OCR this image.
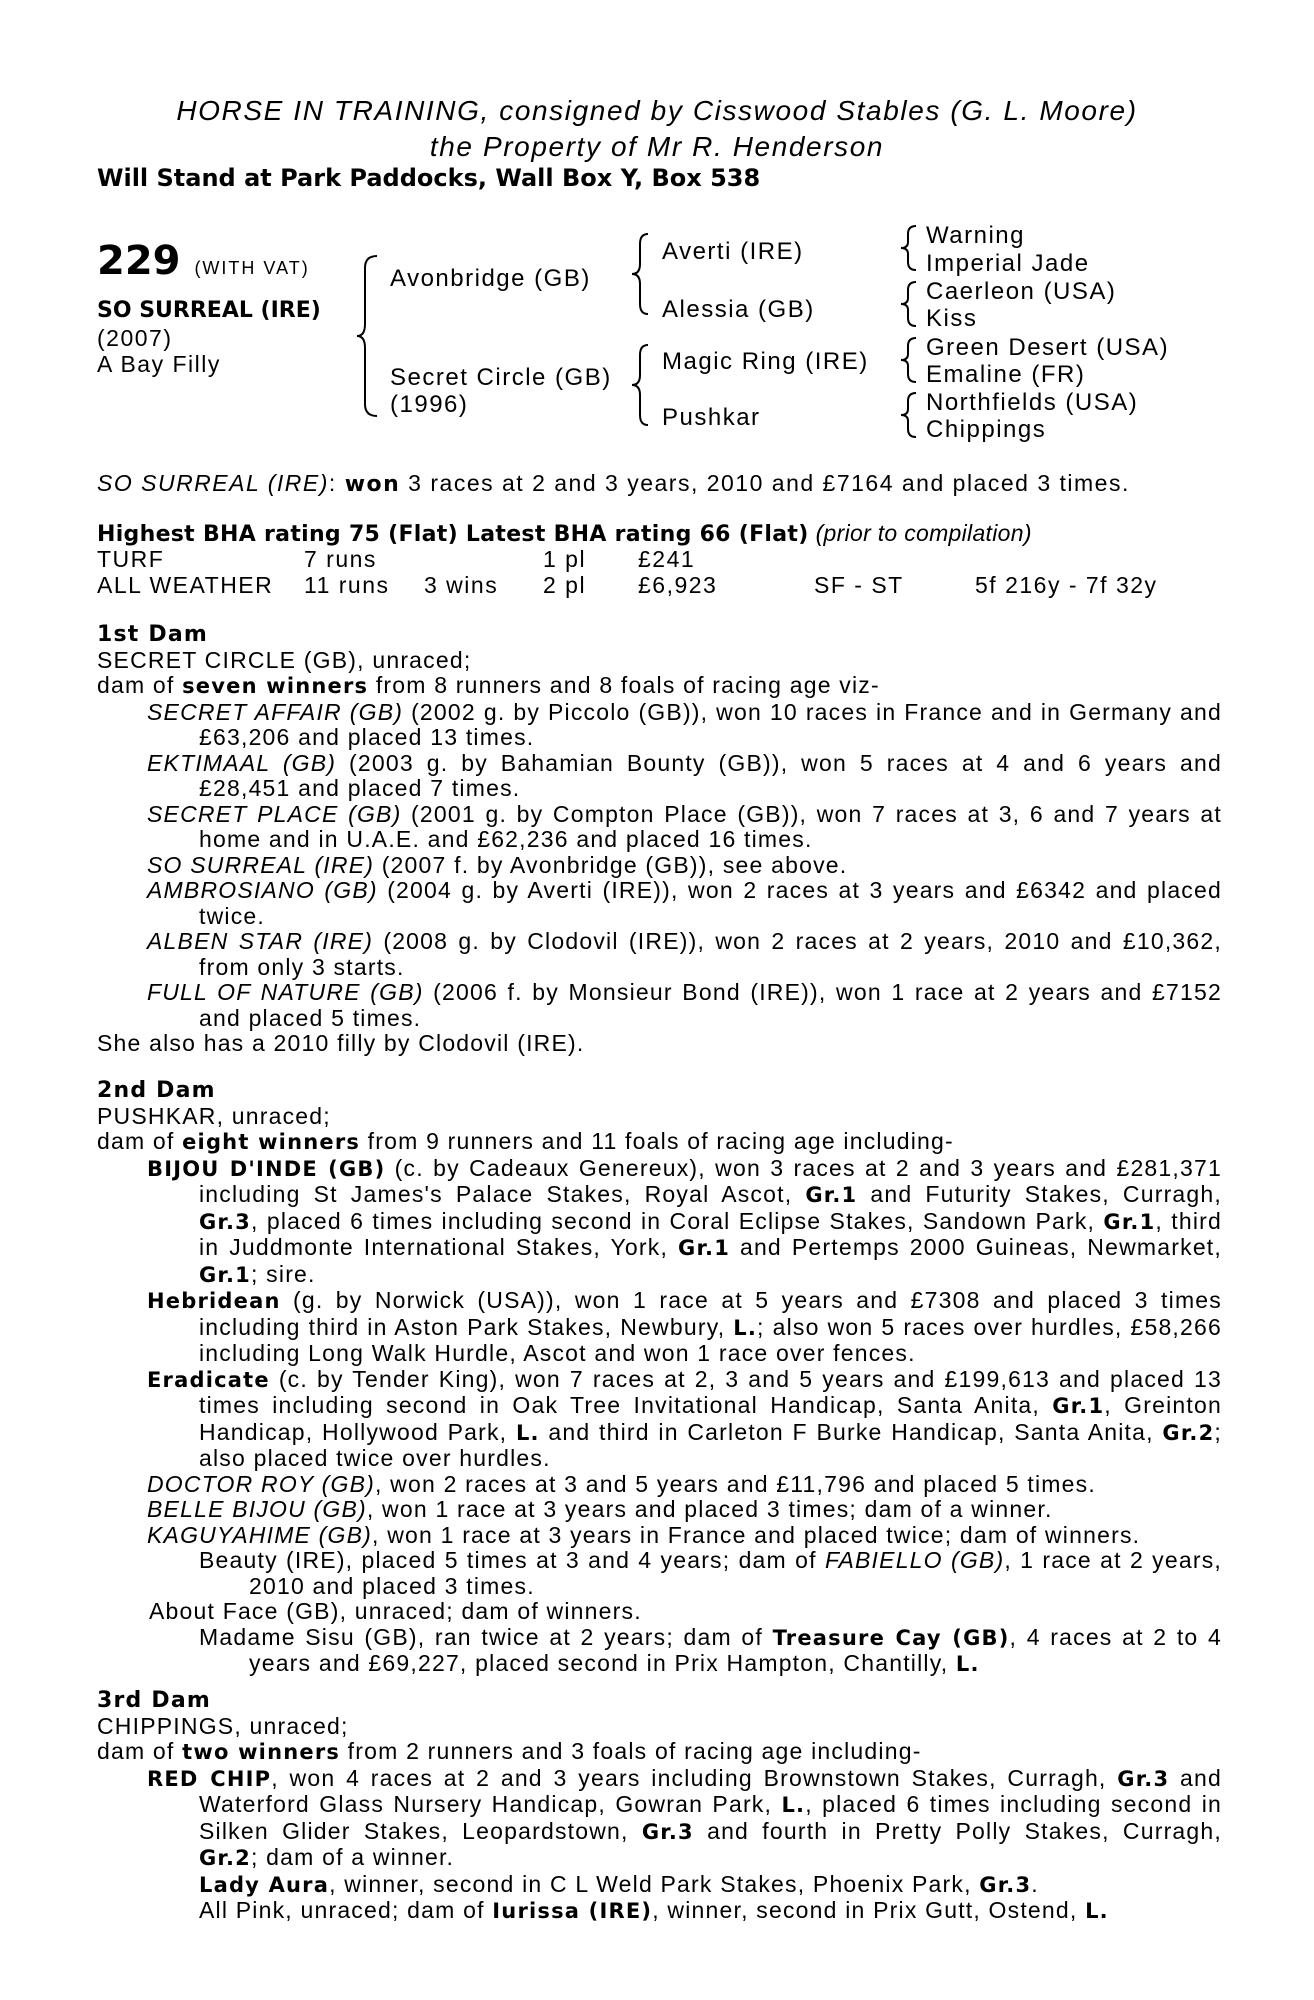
HORSE IN TRAINING, consigned by Cisswood Stables (G. L. Moore)
the Property of Mr R. Henderson
Will Stand at Park Paddocks, Wall Box Y, Box 538
229 (WITH VAT)
SO SURREAL (IRE)
(2007)
A Bay Filly
Avonbridge (GB)
Secret Circle (GB)
(1996)
Averti (IRE)
Alessia (GB)
Magic Ring (IRE)
Pushkar
Warning
Imperial Jade
Caerleon (USA)
Kiss
Green Desert (USA)
Emaline (FR)
Northfields (USA)
Chippings
SO SURREAL (IRE): won 3 races at 2 and 3 years, 2010 and £7164 and placed 3 times.
Highest BHA rating 75 (Flat) Latest BHA rating 66 (Flat) (prior to compilation)
TURF	7 runs	1 pl £241
ALL WEATHER 11 runs 3 wins 2 pl £6,923	SF - ST	5f 216y - 7f 32y

1st Dam

SECRET CIRCLE (GB), unraced;

dam of seven winners from 8 runners and 8 foals of racing age viz-

SECRET AFFAIR (GB) (2002 g. by Piccolo (GB)), won 10 races in France and in Germany and £63,206 and placed 13 times.

EKTIMAAL (GB) (2003 g. by Bahamian Bounty (GB)), won 5 races at 4 and 6 years and £28,451 and placed 7 times.

SECRET PLACE (GB) (2001 g. by Compton Place (GB)), won 7 races at 3, 6 and 7 years at home and in U.A.E. and £62,236 and placed 16 times.

SO SURREAL (IRE) (2007 f. by Avonbridge (GB)), see above.

AMBROSIANO (GB) (2004 g. by Averti (IRE)), won 2 races at 3 years and £6342 and placed twice.

ALBEN STAR (IRE) (2008 g. by Clodovil (IRE)), won 2 races at 2 years, 2010 and £10,362, from only 3 starts.

FULL OF NATURE (GB) (2006 f. by Monsieur Bond (IRE)), won 1 race at 2 years and £7152 and placed 5 times.

She also has a 2010 filly by Clodovil (IRE).

2nd Dam

PUSHKAR, unraced;

dam of eight winners from 9 runners and 11 foals of racing age including-

BIJOU D'INDE (GB) (c. by Cadeaux Genereux), won 3 races at 2 and 3 years and £281,371 including St James's Palace Stakes, Royal Ascot, Gr.1 and Futurity Stakes, Curragh, Gr.3, placed 6 times including second in Coral Eclipse Stakes, Sandown Park, Gr.1, third in Juddmonte International Stakes, York, Gr.1 and Pertemps 2000 Guineas, Newmarket, Gr.1; sire.

Hebridean (g. by Norwick (USA)), won 1 race at 5 years and £7308 and placed 3 times including third in Aston Park Stakes, Newbury, L.; also won 5 races over hurdles, £58,266 including Long Walk Hurdle, Ascot and won 1 race over fences.

Eradicate (c. by Tender King), won 7 races at 2, 3 and 5 years and £199,613 and placed 13 times including second in Oak Tree Invitational Handicap, Santa Anita, Gr.1, Greinton Handicap, Hollywood Park, L. and third in Carleton F Burke Handicap, Santa Anita, Gr.2; also placed twice over hurdles.

DOCTOR ROY (GB), won 2 races at 3 and 5 years and £11,796 and placed 5 times.

BELLE BIJOU (GB), won 1 race at 3 years and placed 3 times; dam of a winner.

KAGUYAHIME (GB), won 1 race at 3 years in France and placed twice; dam of winners.

Beauty (IRE), placed 5 times at 3 and 4 years; dam of FABIELLO (GB), 1 race at 2 years, 2010 and placed 3 times.

About Face (GB), unraced; dam of winners.

Madame Sisu (GB), ran twice at 2 years; dam of Treasure Cay (GB), 4 races at 2 to 4 years and £69,227, placed second in Prix Hampton, Chantilly, L.

3rd Dam

CHIPPINGS, unraced;

dam of two winners from 2 runners and 3 foals of racing age including-

RED CHIP, won 4 races at 2 and 3 years including Brownstown Stakes, Curragh, Gr.3 and Waterford Glass Nursery Handicap, Gowran Park, L., placed 6 times including second in Silken Glider Stakes, Leopardstown, Gr.3 and fourth in Pretty Polly Stakes, Curragh, Gr.2; dam of a winner.

Lady Aura, winner, second in C L Weld Park Stakes, Phoenix Park, Gr.3.

All Pink, unraced; dam of Iurissa (IRE), winner, second in Prix Gutt, Ostend, L.
